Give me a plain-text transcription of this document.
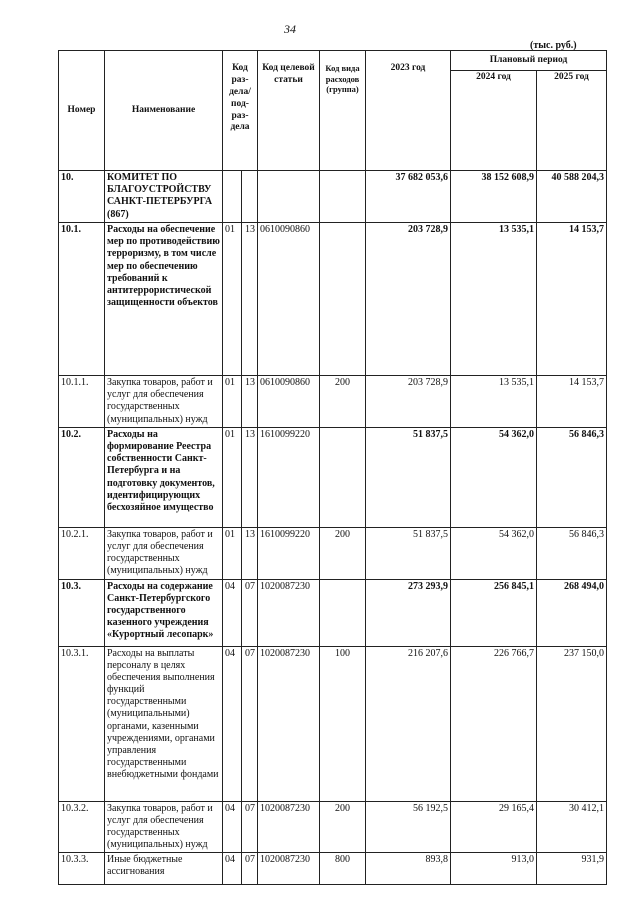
34
(тыс. руб.)
Номер	Наименование	Код раз-дела/ под-раз-дела		Код целевой статьи	Код вида расходов (группа)	2023 год	Плановый период	
							2024 год	2025 год
10.	КОМИТЕТ ПО БЛАГОУСТРОЙСТВУ САНКТ-ПЕТЕРБУРГА (867)					37 682 053,6	38 152 608,9	40 588 204,3
10.1.	Расходы на обеспечение мер по противодействию терроризму, в том числе мер по обеспечению требований к антитеррористической защищенности объектов	01	13	0610090860		203 728,9	13 535,1	14 153,7
10.1.1.	Закупка товаров, работ и услуг для обеспечения государственных (муниципальных) нужд	01	13	0610090860	200	203 728,9	13 535,1	14 153,7
10.2.	Расходы на формирование Реестра собственности Санкт-Петербурга и на подготовку документов, идентифицирующих бесхозяйное имущество	01	13	1610099220		51 837,5	54 362,0	56 846,3
10.2.1.	Закупка товаров, работ и услуг для обеспечения государственных (муниципальных) нужд	01	13	1610099220	200	51 837,5	54 362,0	56 846,3
10.3.	Расходы на содержание Санкт-Петербургского государственного казенного учреждения «Курортный лесопарк»	04	07	1020087230		273 293,9	256 845,1	268 494,0
10.3.1.	Расходы на выплаты персоналу в целях обеспечения выполнения функций государственными (муниципальными) органами, казенными учреждениями, органами управления государственными внебюджетными фондами	04	07	1020087230	100	216 207,6	226 766,7	237 150,0
10.3.2.	Закупка товаров, работ и услуг для обеспечения государственных (муниципальных) нужд	04	07	1020087230	200	56 192,5	29 165,4	30 412,1
10.3.3.	Иные бюджетные ассигнования	04	07	1020087230	800	893,8	913,0	931,9
